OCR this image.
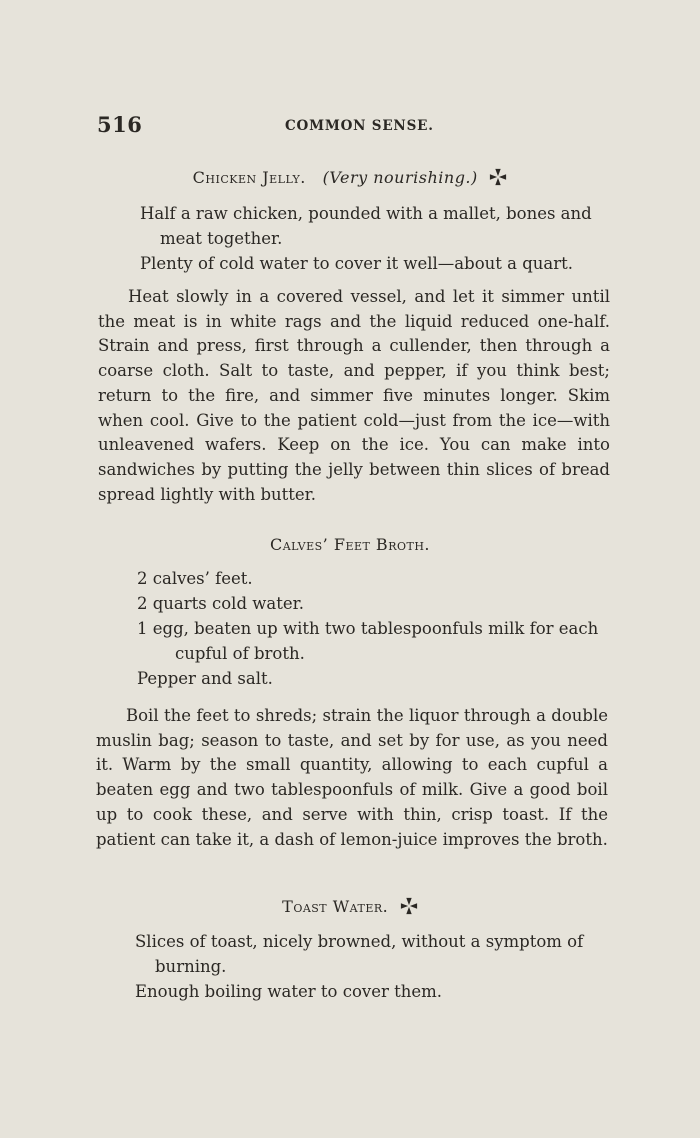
516	COMMON SENSE.
Chicken Jelly. (Very nourishing.)
Half a raw chicken, pounded with a mallet, bones and
meat together.
Plenty of cold water to cover it well—about a quart.

Heat slowly in a covered vessel, and let it simmer until the meat is in white rags and the liquid reduced one-half. Strain and press, first through a cullender, then through a coarse cloth. Salt to taste, and pepper, if you think best; return to the fire, and simmer five minutes longer. Skim when cool. Give to the patient cold—just from the ice—with unleavened wafers. Keep on the ice. You can make into sandwiches by putting the jelly between thin slices of bread spread lightly with butter.

Calves’ Feet Broth.
2 calves’ feet.
2 quarts cold water.
1 egg, beaten up with two tablespoonfuls milk for each
cupful of broth.
Pepper and salt.

Boil the feet to shreds; strain the liquor through a double muslin bag; season to taste, and set by for use, as you need it. Warm by the small quantity, allowing to each cupful a beaten egg and two tablespoonfuls of milk. Give a good boil up to cook these, and serve with thin, crisp toast. If the patient can take it, a dash of lemon-juice improves the broth.

Toast Water.
Slices of toast, nicely browned, without a symptom of
burning.
Enough boiling water to cover them.
